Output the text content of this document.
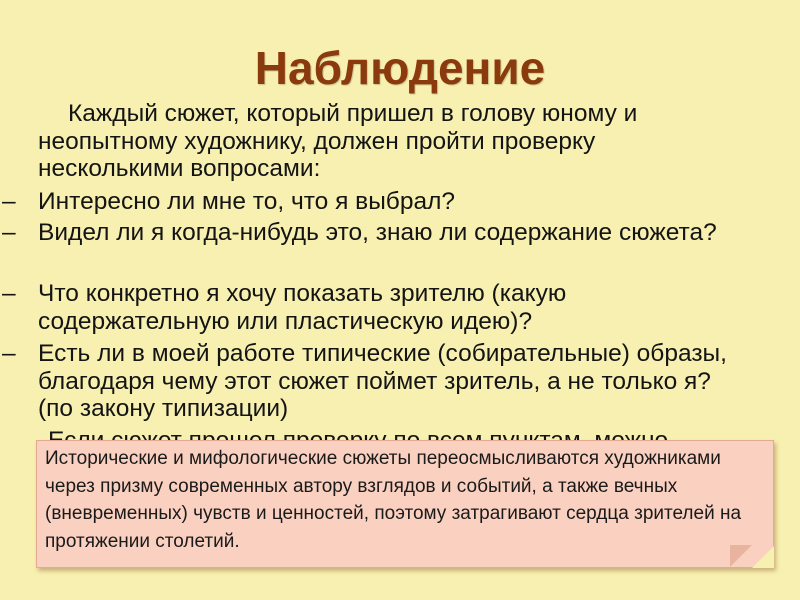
Наблюдение

Каждый сюжет, который пришел в голову юному и неопытному художнику, должен пройти проверку несколькими вопросами:

– Интересно ли мне то, что я выбрал?

– Видел ли я когда-нибудь это, знаю ли содержание сюжета?

– Что конкретно я хочу показать зрителю (какую содержательную или пластическую идею)?

– Есть ли в моей работе типические (собирательные) образы, благодаря чему этот сюжет поймет зритель, а не только я? (по закону типизации)

Исторические и мифологические сюжеты переосмысливаются художниками через призму современных автору взглядов и событий, а также вечных (вневременных) чувств и ценностей, поэтому затрагивают сердца зрителей на протяжении столетий.
